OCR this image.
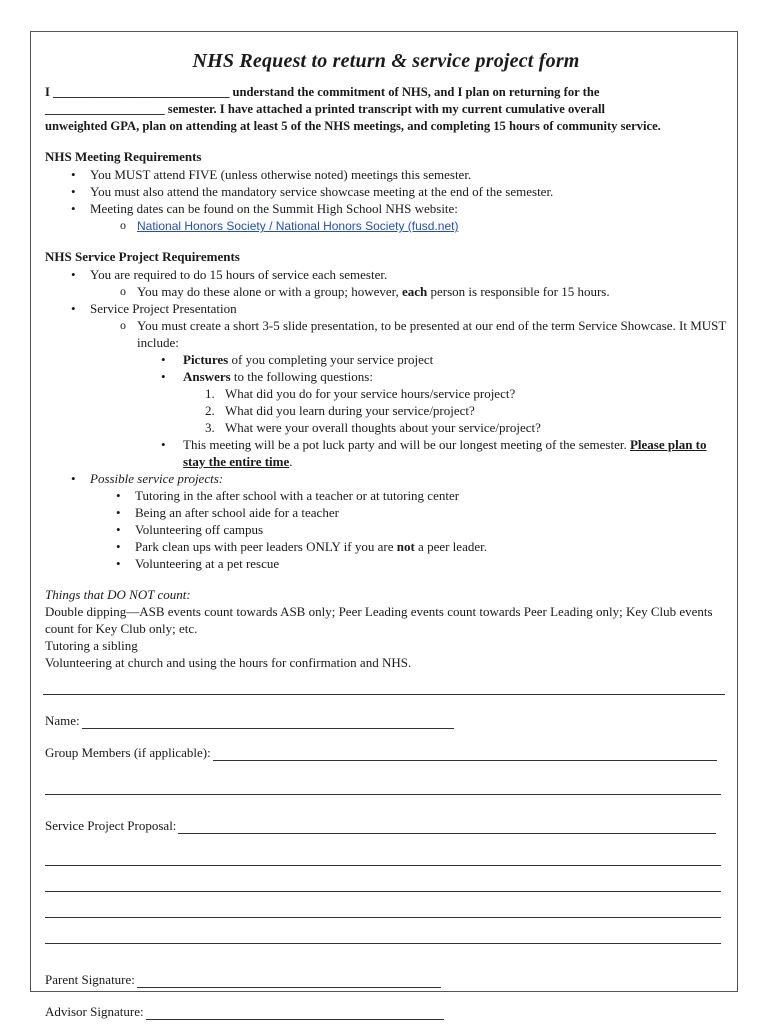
NHS Request to return & service project form

I ____________________________ understand the commitment of NHS, and I plan on returning for the
___________________ semester. I have attached a printed transcript with my current cumulative overall
unweighted GPA, plan on attending at least 5 of the NHS meetings, and completing 15 hours of community service.

NHS Meeting Requirements
• You MUST attend FIVE (unless otherwise noted) meetings this semester.
• You must also attend the mandatory service showcase meeting at the end of the semester.
• Meeting dates can be found on the Summit High School NHS website:
o National Honors Society / National Honors Society (fusd.net)
NHS Service Project Requirements
• You are required to do 15 hours of service each semester.
o You may do these alone or with a group; however, each person is responsible for 15 hours.
• Service Project Presentation
o You must create a short 3-5 slide presentation, to be presented at our end of the term Service Showcase. It MUST include:
• Pictures of you completing your service project
• Answers to the following questions:
1. What did you do for your service hours/service project?
2. What did you learn during your service/project?
3. What were your overall thoughts about your service/project?
• This meeting will be a pot luck party and will be our longest meeting of the semester. Please plan to stay the entire time.
• Possible service projects:
• Tutoring in the after school with a teacher or at tutoring center
• Being an after school aide for a teacher
• Volunteering off campus
• Park clean ups with peer leaders ONLY if you are not a peer leader.
• Volunteering at a pet rescue
Things that DO NOT count:
Double dipping—ASB events count towards ASB only; Peer Leading events count towards Peer Leading only; Key Club events count for Key Club only; etc.
Tutoring a sibling
Volunteering at church and using the hours for confirmation and NHS.
Name:
Group Members (if applicable):
Service Project Proposal:
Parent Signature:
Advisor Signature:
